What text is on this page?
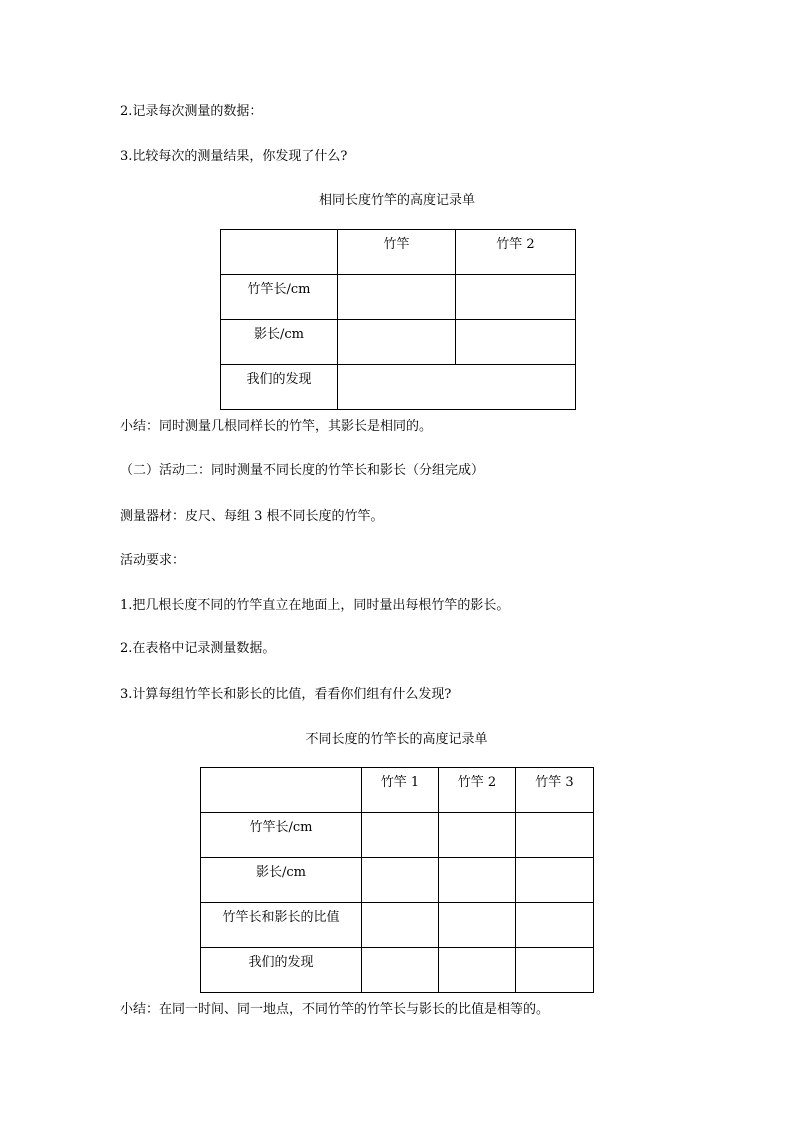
2.记录每次测量的数据：
3.比较每次的测量结果，你发现了什么?
相同长度竹竿的高度记录单

	竹竿	竹竿 2

竹竿长/cm		

影长/cm		

我们的发现		

小结：同时测量几根同样长的竹竿，其影长是相同的。
（二）活动二：同时测量不同长度的竹竿长和影长（分组完成）
测量器材：皮尺、每组 3 根不同长度的竹竿。
活动要求：
1.把几根长度不同的竹竿直立在地面上，同时量出每根竹竿的影长。
2.在表格中记录测量数据。
3.计算每组竹竿长和影长的比值，看看你们组有什么发现?
不同长度的竹竿长的高度记录单

	竹竿 1	竹竿 2	竹竿 3

竹竿长/cm			

影长/cm			

竹竿长和影长的比值			

我们的发现			

小结：在同一时间、同一地点，不同竹竿的竹竿长与影长的比值是相等的。
